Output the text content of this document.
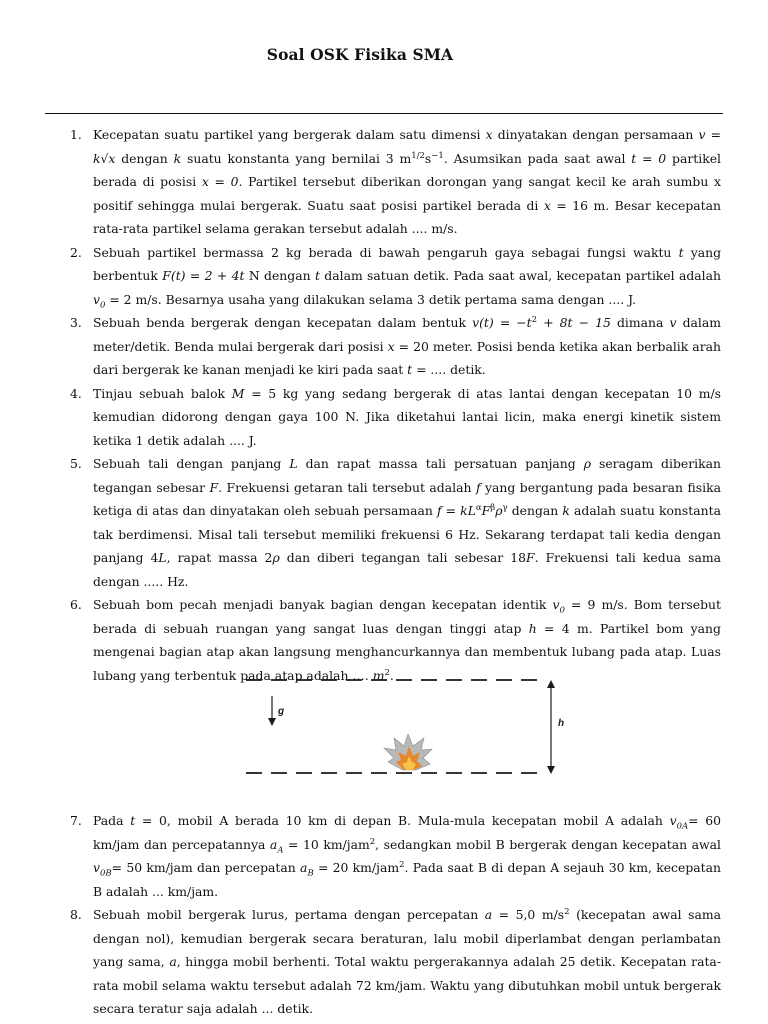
Soal OSK Fisika SMA
1. Kecepatan suatu partikel yang bergerak dalam satu dimensi x dinyatakan dengan persamaan v = k√x dengan k suatu konstanta yang bernilai 3 $m^{1/2}s^{-1}$. Asumsikan pada saat awal t = 0 partikel berada di posisi x = 0. Partikel tersebut diberikan dorongan yang sangat kecil ke arah sumbu x positif sehingga mulai bergerak. Suatu saat posisi partikel berada di x = 16 m. Besar kecepatan rata-rata partikel selama gerakan tersebut adalah .... m/s.
2. Sebuah partikel bermassa 2 kg berada di bawah pengaruh gaya sebagai fungsi waktu t yang berbentuk F(t) = 2 + 4t N dengan t dalam satuan detik. Pada saat awal, kecepatan partikel adalah $v_0 = 2$ m/s. Besarnya usaha yang dilakukan selama 3 detik pertama sama dengan .... J.
3. Sebuah benda bergerak dengan kecepatan dalam bentuk $v(t) = -t^2 + 8t - 15$ dimana v dalam meter/detik. Benda mulai bergerak dari posisi x = 20 meter. Posisi benda ketika akan berbalik arah dari bergerak ke kanan menjadi ke kiri pada saat t = .... detik.
4. Tinjau sebuah balok M = 5 kg yang sedang bergerak di atas lantai dengan kecepatan 10 m/s kemudian didorong dengan gaya 100 N. Jika diketahui lantai licin, maka energi kinetik sistem ketika 1 detik adalah .... J.
5. Sebuah tali dengan panjang L dan rapat massa tali persatuan panjang ρ seragam diberikan tegangan sebesar F. Frekuensi getaran tali tersebut adalah f yang bergantung pada besaran fisika ketiga di atas dan dinyatakan oleh sebuah persamaan $f = kL^\alpha F^\beta\rho^\gamma$ dengan k adalah suatu konstanta tak berdimensi. Misal tali tersebut memiliki frekuensi 6 Hz. Sekarang terdapat tali kedia dengan panjang 4L, rapat massa 2ρ dan diberi tegangan tali sebesar 18F. Frekuensi tali kedua sama dengan ..... Hz.
6. Sebuah bom pecah menjadi banyak bagian dengan kecepatan identik $v_0 = 9$ m/s. Bom tersebut berada di sebuah ruangan yang sangat luas dengan tinggi atap h = 4 m. Partikel bom yang mengenai bagian atap akan langsung menghancurkannya dan membentuk lubang pada atap. Luas lubang yang terbentuk pada atap adalah …. $m^2$.
7. Pada t = 0, mobil A berada 10 km di depan B. Mula-mula kecepatan mobil A adalah $v_{0A}= 60$ km/jam dan percepatannya $a_A = 10$ km/jam$^2$, sedangkan mobil B bergerak dengan kecepatan awal $v_{0B}= 50$ km/jam dan percepatan $a_B = 20$ km/jam$^2$. Pada saat B di depan A sejauh 30 km, kecepatan B adalah ... km/jam.
8. Sebuah mobil bergerak lurus, pertama dengan percepatan a = 5,0 $m/s^2$ (kecepatan awal sama dengan nol), kemudian bergerak secara beraturan, lalu mobil diperlambat dengan perlambatan yang sama, a, hingga mobil berhenti. Total waktu pergerakannya adalah 25 detik. Kecepatan rata-rata mobil selama waktu tersebut adalah 72 km/jam. Waktu yang dibutuhkan mobil untuk bergerak secara teratur saja adalah ... detik.
g
h
